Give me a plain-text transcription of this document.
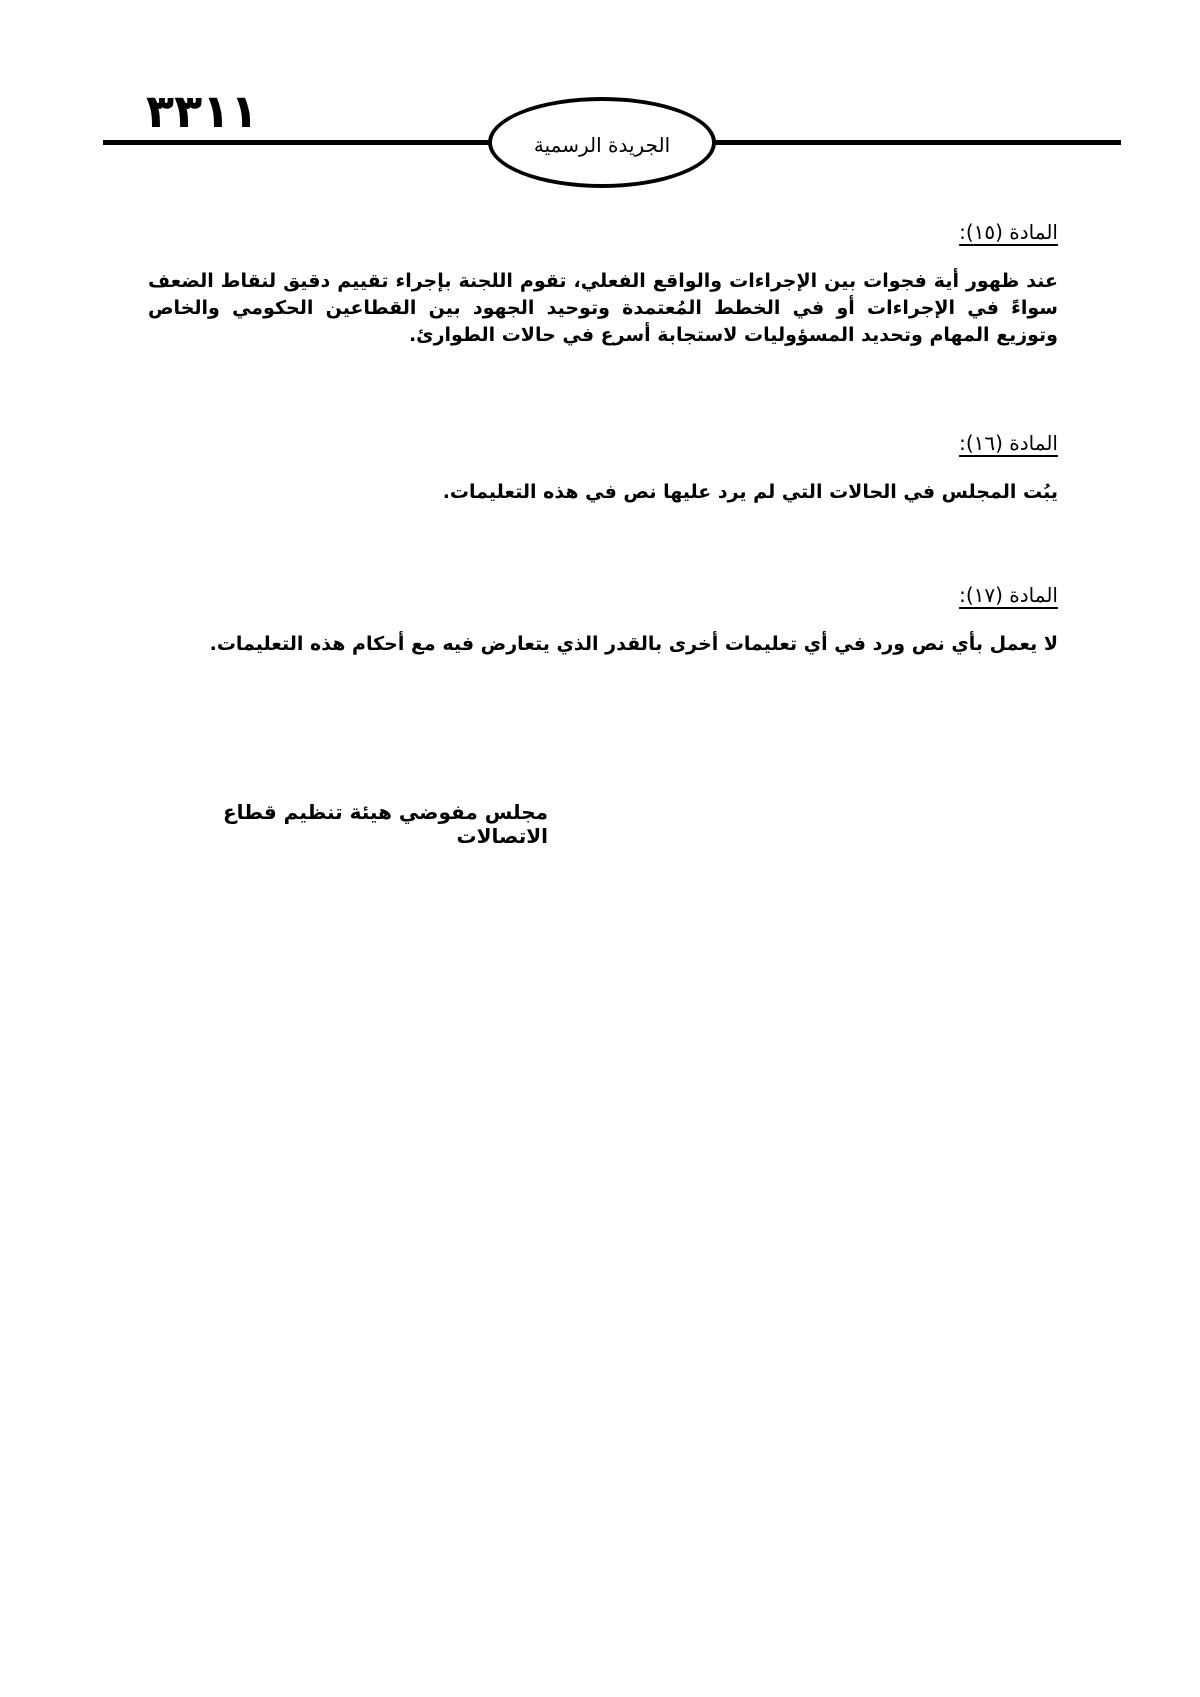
٣٣١١
الجريدة الرسمية
المادة (١٥):

عند ظهور أية فجوات بين الإجراءات والواقع الفعلي، تقوم اللجنة بإجراء تقييم دقيق لنقاط الضعف سواءً في الإجراءات أو في الخطط المُعتمدة وتوحيد الجهود بين القطاعين الحكومي والخاص وتوزيع المهام وتحديد المسؤوليات لاستجابة أسرع في حالات الطوارئ.

المادة (١٦):

يبُت المجلس في الحالات التي لم يرد عليها نص في هذه التعليمات.

المادة (١٧):

لا يعمل بأي نص ورد في أي تعليمات أخرى بالقدر الذي يتعارض فيه مع أحكام هذه التعليمات.

مجلس مفوضي هيئة تنظيم قطاع الاتصالات
